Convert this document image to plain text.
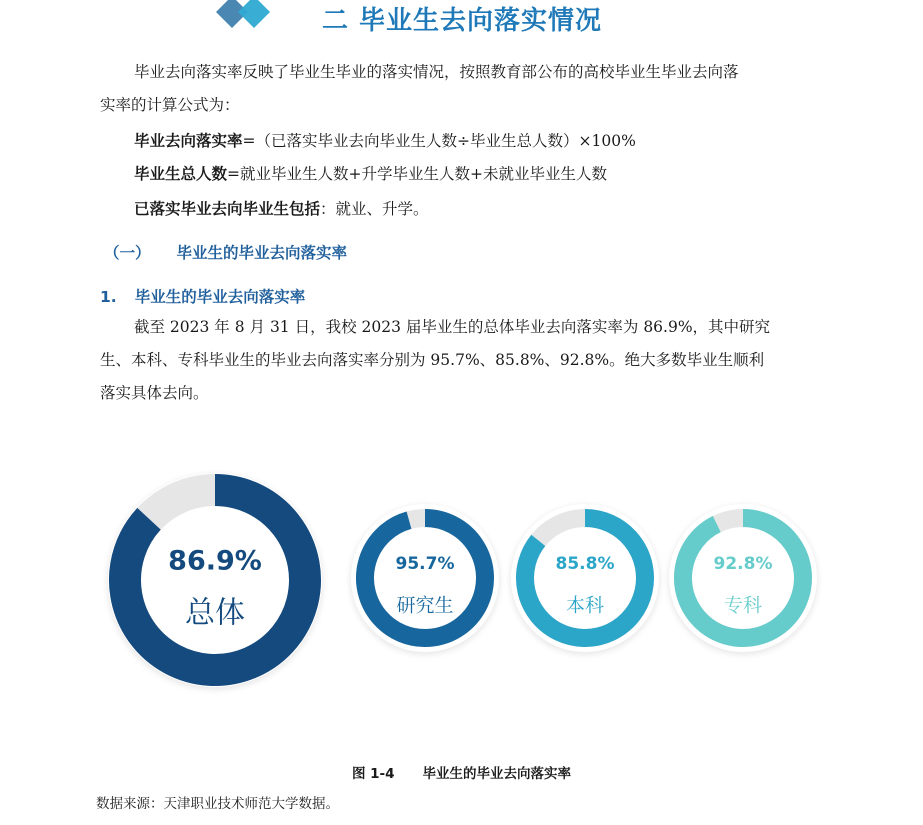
二 毕业生去向落实情况
毕业去向落实率反映了毕业生毕业的落实情况，按照教育部公布的高校毕业生毕业去向落
实率的计算公式为：
毕业去向落实率=（已落实毕业去向毕业生人数÷毕业生总人数）×100%
毕业生总人数=就业毕业生人数+升学毕业生人数+未就业毕业生人数
已落实毕业去向毕业生包括：就业、升学。
（一） 毕业生的毕业去向落实率
1. 毕业生的毕业去向落实率
截至 2023 年 8 月 31 日，我校 2023 届毕业生的总体毕业去向落实率为 86.9%，其中研究
生、本科、专科毕业生的毕业去向落实率分别为 95.7%、85.8%、92.8%。绝大多数毕业生顺利
落实具体去向。
86.9%
总体
95.7%
研究生
85.8%
本科
92.8%
专科
图 1-4 毕业生的毕业去向落实率
数据来源：天津职业技术师范大学数据。
